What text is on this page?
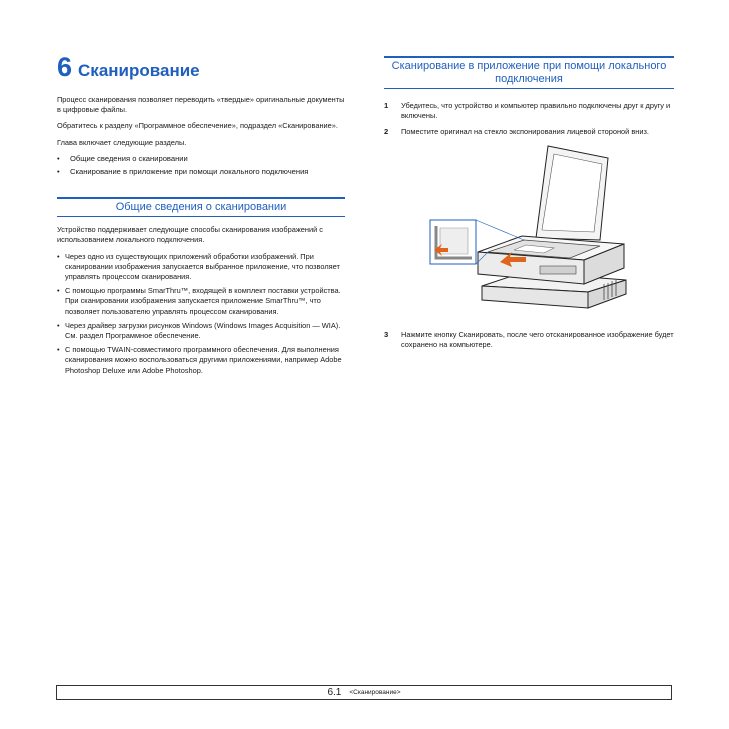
6 Сканирование

Процесс сканирования позволяет переводить «твердые» оригинальные документы в цифровые файлы.

Обратитесь к разделу «Программное обеспечение», подраздел «Сканирование».

Глава включает следующие разделы.

• Общие сведения о сканировании
• Сканирование в приложение при помощи локального подключения
Общие сведения о сканировании

Устройство поддерживает следующие способы сканирования изображений с использованием локального подключения.

• Через одно из существующих приложений обработки изображений. При сканировании изображения запускается выбранное приложение, что позволяет управлять процессом сканирования.
• С помощью программы SmarThru™, входящей в комплект поставки устройства. При сканировании изображения запускается приложение SmarThru™, что позволяет пользователю управлять процессом сканирования.
• Через драйвер загрузки рисунков Windows (Windows Images Acquisition — WIA). См. раздел Программное обеспечение.
• С помощью TWAIN-совместимого программного обеспечения. Для выполнения сканирования можно воспользоваться другими приложениями, например Adobe Photoshop Deluxe или Adobe Photoshop.
Сканирование в приложение при помощи локального подключения
1	Убедитесь, что устройство и компьютер правильно подключены друг к другу и включены.
2	Поместите оригинал на стекло экспонирования лицевой стороной вниз.
3	Нажмите кнопку Сканировать, после чего отсканированное изображение будет сохранено на компьютере.
6.1 <Сканирование>
